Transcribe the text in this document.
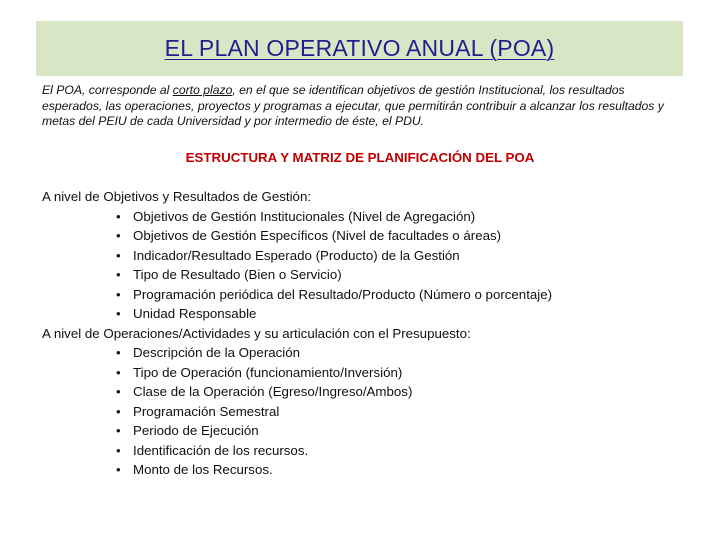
EL PLAN OPERATIVO ANUAL (POA)
El POA, corresponde al corto plazo, en el que se identifican objetivos de gestión Institucional, los resultados esperados, las operaciones, proyectos y programas a ejecutar, que permitirán contribuir a alcanzar los resultados y metas del PEIU de cada Universidad y por intermedio de éste, el PDU.
ESTRUCTURA Y MATRIZ DE PLANIFICACIÓN DEL POA
A nivel de Objetivos y Resultados de Gestión:
• Objetivos de Gestión Institucionales (Nivel de Agregación)
• Objetivos de Gestión Específicos (Nivel de facultades o áreas)
• Indicador/Resultado Esperado (Producto) de la Gestión
• Tipo de Resultado (Bien o Servicio)
• Programación periódica del Resultado/Producto (Número o porcentaje)
• Unidad Responsable
A nivel de Operaciones/Actividades y su articulación con el Presupuesto:
• Descripción de la Operación
• Tipo de Operación (funcionamiento/Inversión)
• Clase de la Operación (Egreso/Ingreso/Ambos)
• Programación Semestral
• Periodo de Ejecución
• Identificación de los recursos.
• Monto de los Recursos.
